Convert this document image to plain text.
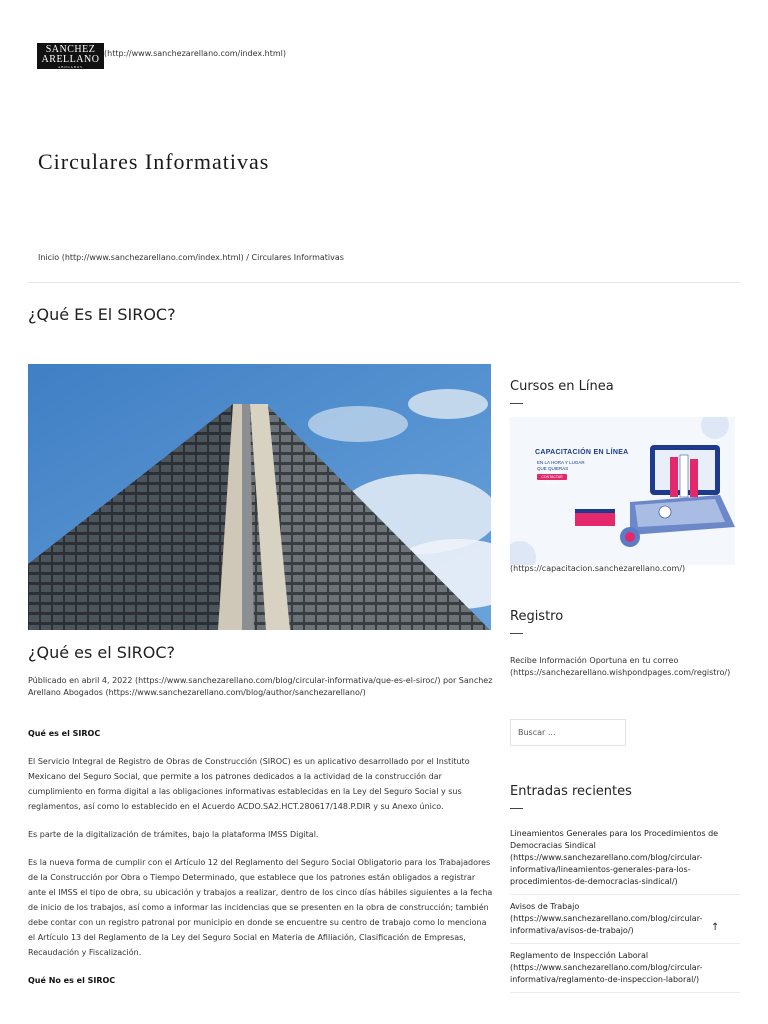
SANCHEZ
ARELLANO
ABOGADOS
(http://www.sanchezarellano.com/index.html)
Circulares Informativas
Inicio (http://www.sanchezarellano.com/index.html) / Circulares Informativas
¿Qué Es El SIROC?
¿Qué es el SIROC?
Públicado en abril 4, 2022 (https://www.sanchezarellano.com/blog/circular-informativa/que-es-el-siroc/) por Sanchez Arellano Abogados (https://www.sanchezarellano.com/blog/author/sanchezarellano/)

Qué es el SIROC

El Servicio Integral de Registro de Obras de Construcción (SIROC) es un aplicativo desarrollado por el Instituto Mexicano del Seguro Social, que permite a los patrones dedicados a la actividad de la construcción dar cumplimiento en forma digital a las obligaciones informativas establecidas en la Ley del Seguro Social y sus reglamentos, así como lo establecido en el Acuerdo ACDO.SA2.HCT.280617/148.P.DIR y su Anexo único.

Es parte de la digitalización de trámites, bajo la plataforma IMSS Digital.

Es la nueva forma de cumplir con el Artículo 12 del Reglamento del Seguro Social Obligatorio para los Trabajadores de la Construcción por Obra o Tiempo Determinado, que establece que los patrones están obligados a registrar ante el IMSS el tipo de obra, su ubicación y trabajos a realizar, dentro de los cinco días hábiles siguientes a la fecha de inicio de los trabajos, así como a informar las incidencias que se presenten en la obra de construcción; también debe contar con un registro patronal por municipio en donde se encuentre su centro de trabajo como lo menciona el Artículo 13 del Reglamento de la Ley del Seguro Social en Materia de Afiliación, Clasificación de Empresas, Recaudación y Fiscalización.

Qué No es el SIROC

Cursos en Línea
CAPACITACIÓN EN LÍNEA
EN LA HORA Y LUGAR
QUE QUIERAS
CONTACTAR AHORA
(https://capacitacion.sanchezarellano.com/)
Registro
Recibe Información Oportuna en tu correo (https://sanchezarellano.wishpondpages.com/registro/)
Buscar ...
Entradas recientes
Lineamientos Generales para los Procedimientos de Democracias Sindical (https://www.sanchezarellano.com/blog/circular-informativa/lineamientos-generales-para-los-procedimientos-de-democracias-sindical/)
Avisos de Trabajo (https://www.sanchezarellano.com/blog/circular-informativa/avisos-de-trabajo/)
Reglamento de Inspección Laboral (https://www.sanchezarellano.com/blog/circular-informativa/reglamento-de-inspeccion-laboral/)
↑
